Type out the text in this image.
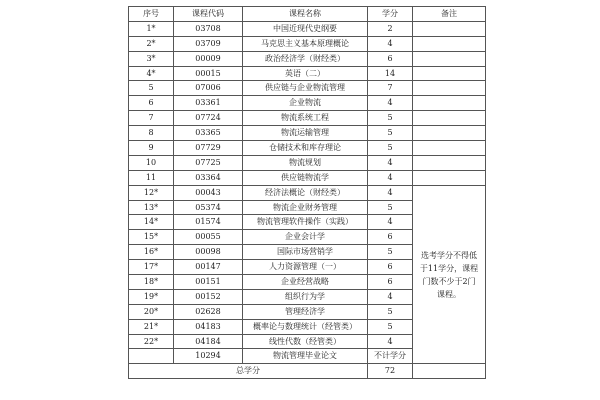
序号	课程代码	课程名称	学分	备注
1*	03708	中国近现代史纲要	2	
2*	03709	马克思主义基本原理概论	4	
3*	00009	政治经济学（财经类）	6	
4*	00015	英语（二）	14	
5	07006	供应链与企业物流管理	7	
6	03361	企业物流	4	
7	07724	物流系统工程	5	
8	03365	物流运输管理	5	
9	07729	仓储技术和库存理论	5	
10	07725	物流规划	4	
11	03364	供应链物流学	4	
12*	00043	经济法概论（财经类）	4	选考学分不得低于11学分，课程门数不少于2门课程。
13*	05374	物流企业财务管理	5	
14*	01574	物流管理软件操作（实践）	4	
15*	00055	企业会计学	6	
16*	00098	国际市场营销学	5	
17*	00147	人力资源管理（一）	6	
18*	00151	企业经营战略	6	
19*	00152	组织行为学	4	
20*	02628	管理经济学	5	
21*	04183	概率论与数理统计（经管类）	5	
22*	04184	线性代数（经管类）	4	
	10294	物流管理毕业论文	不计学分	
总学分			72	
